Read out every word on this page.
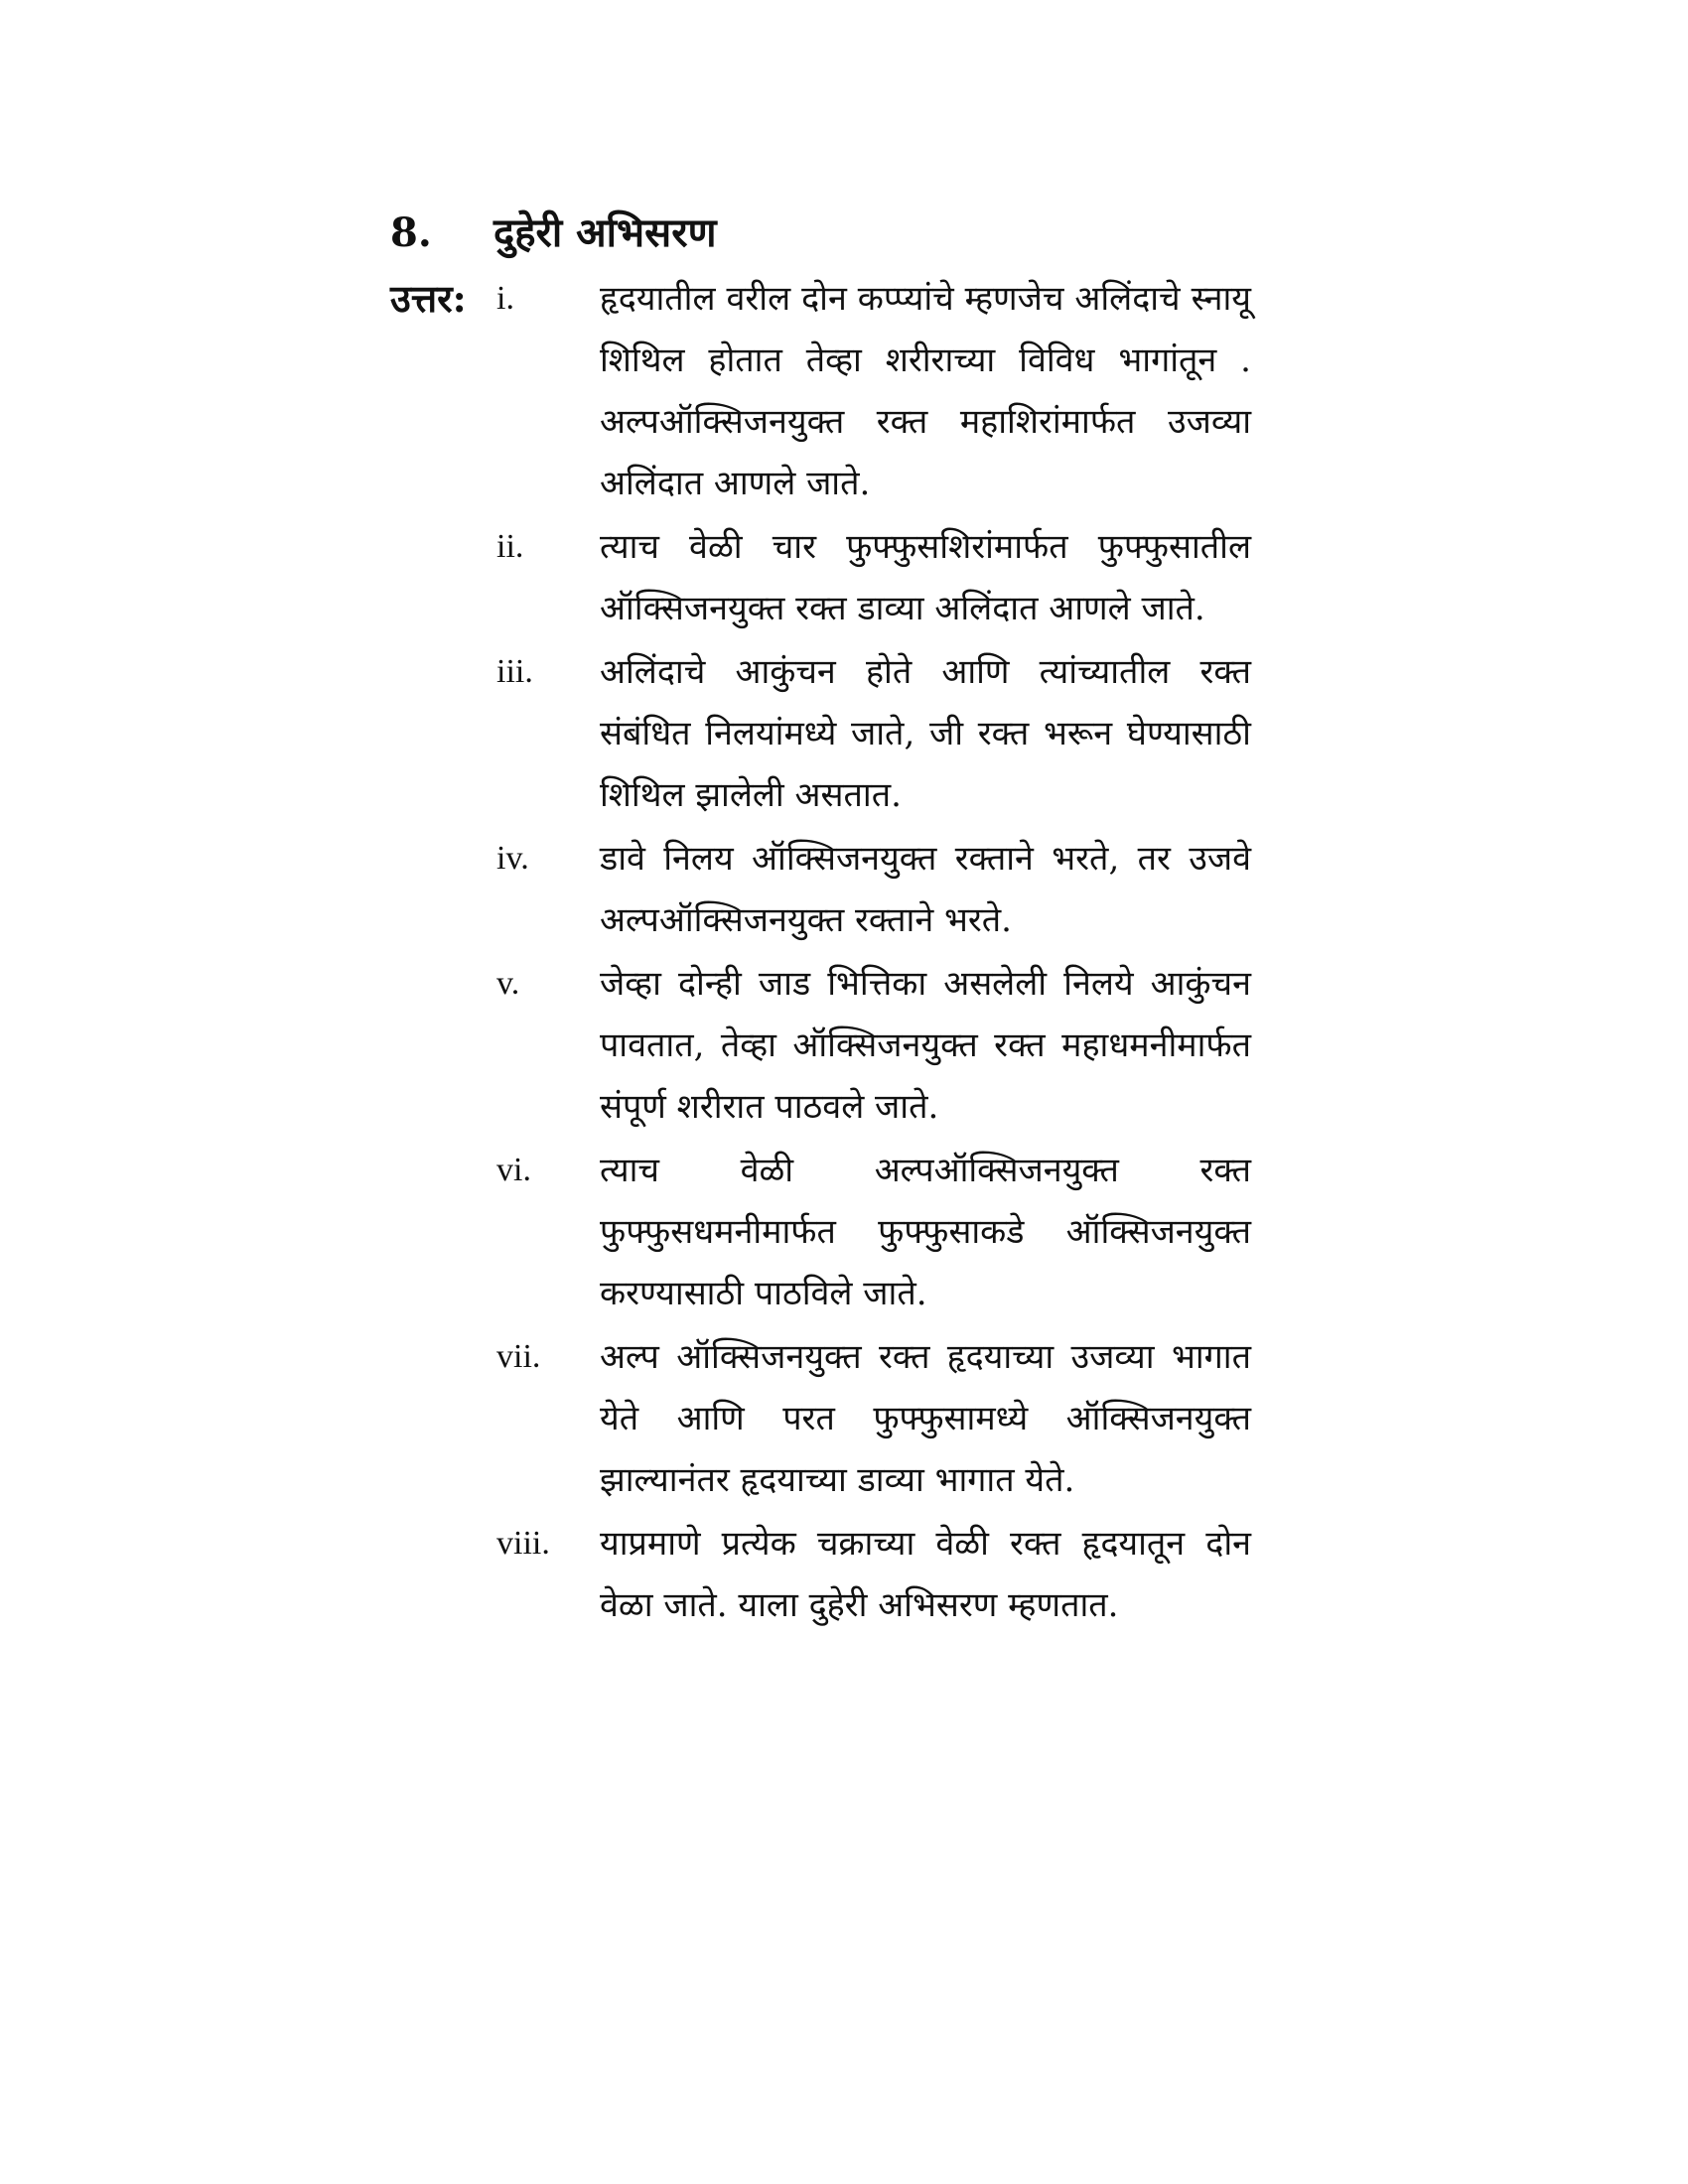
8.	दुहेरी अभिसरण
उत्तर: i.	हृदयातील वरील दोन कप्प्यांचे म्हणजेच अलिंदाचे स्नायू शिथिल होतात तेव्हा शरीराच्या विविध भागांतून . अल्पऑक्सिजनयुक्त रक्त महाशिरांमार्फत उजव्या अलिंदात आणले जाते.
ii.	त्याच वेळी चार फुफ्फुसशिरांमार्फत फुफ्फुसातील ऑक्सिजनयुक्त रक्त डाव्या अलिंदात आणले जाते.
iii.	अलिंदाचे आकुंचन होते आणि त्यांच्यातील रक्त संबंधित निलयांमध्ये जाते, जी रक्त भरून घेण्यासाठी शिथिल झालेली असतात.
iv.	डावे निलय ऑक्सिजनयुक्त रक्ताने भरते, तर उजवे अल्पऑक्सिजनयुक्त रक्ताने भरते.
v.	जेव्हा दोन्ही जाड भित्तिका असलेली निलये आकुंचन पावतात, तेव्हा ऑक्सिजनयुक्त रक्त महाधमनीमार्फत संपूर्ण शरीरात पाठवले जाते.
vi.	त्याच वेळी अल्पऑक्सिजनयुक्त रक्त फुफ्फुसधमनीमार्फत फुफ्फुसाकडे ऑक्सिजनयुक्त करण्यासाठी पाठविले जाते.
vii.	अल्प ऑक्सिजनयुक्त रक्त हृदयाच्या उजव्या भागात येते आणि परत फुफ्फुसामध्ये ऑक्सिजनयुक्त झाल्यानंतर हृदयाच्या डाव्या भागात येते.
viii.	याप्रमाणे प्रत्येक चक्राच्या वेळी रक्त हृदयातून दोन वेळा जाते. याला दुहेरी अभिसरण म्हणतात.
